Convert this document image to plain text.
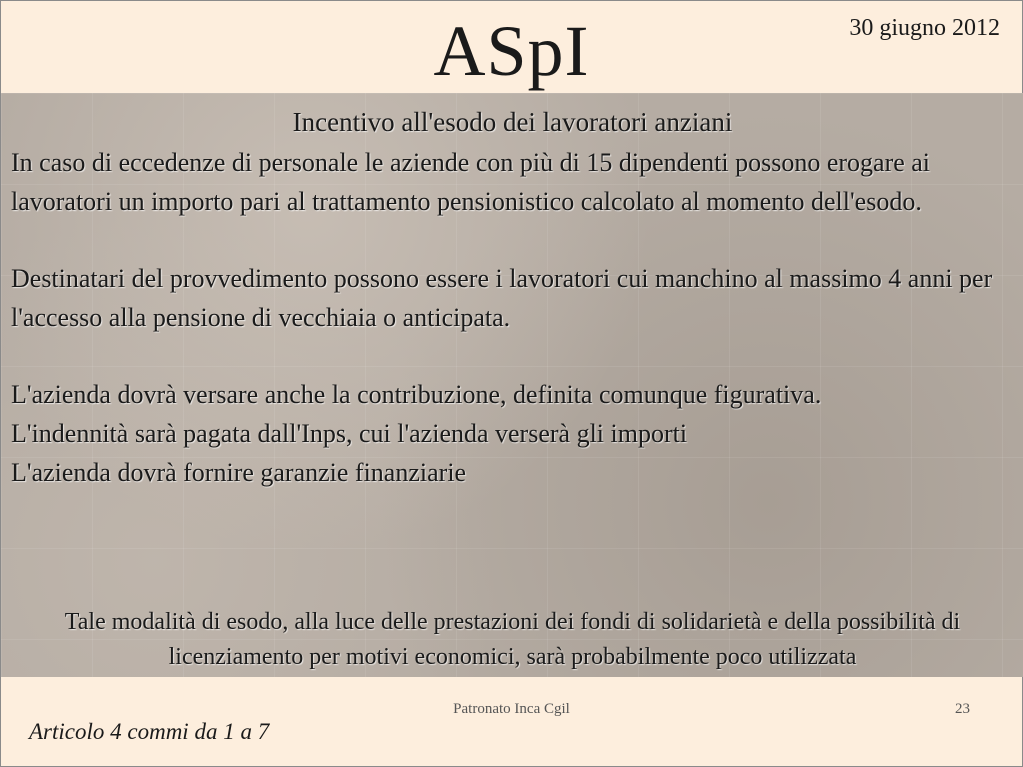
ASpI	30 giugno 2012
Incentivo all'esodo dei lavoratori anziani

In caso di eccedenze di personale le aziende con più di 15 dipendenti possono erogare ai lavoratori un importo pari al trattamento pensionistico calcolato al momento dell'esodo.

Destinatari del provvedimento possono essere i lavoratori cui manchino al massimo 4 anni per l'accesso alla pensione di vecchiaia o anticipata.

L'azienda dovrà versare anche la contribuzione, definita comunque figurativa.

L'indennità sarà pagata dall'Inps, cui l'azienda verserà gli importi

L'azienda dovrà fornire garanzie finanziarie

Tale modalità di esodo, alla luce delle prestazioni dei fondi di solidarietà e della possibilità di licenziamento per motivi economici, sarà probabilmente poco utilizzata
Patronato Inca Cgil	23
Articolo 4 commi da 1 a 7
